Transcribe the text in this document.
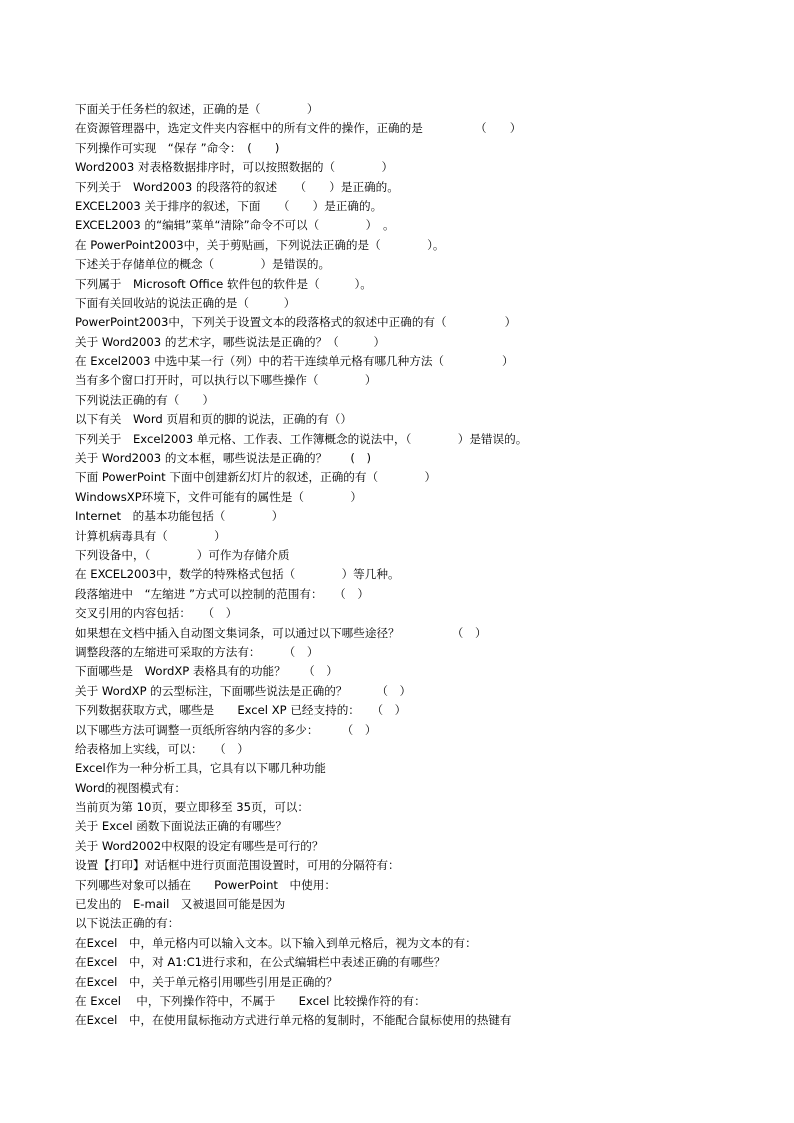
下面关于任务栏的叙述，正确的是（　　　　）
在资源管理器中，选定文件夹内容框中的所有文件的操作，正确的是　　　　　（　　）
下列操作可实现　“保存 ”命令：　(　　)
Word2003 对表格数据排序时，可以按照数据的（　　　　）
下列关于　Word2003 的段落符的叙述　　（　　）是正确的。
EXCEL2003 关于排序的叙述，下面　　（　　）是正确的。
EXCEL2003 的“编辑”菜单“清除”命令不可以（　　　　）　。
在 PowerPoint2003中，关于剪贴画，下列说法正确的是（　　　　）。
下述关于存储单位的概念（　　　　）是错误的。
下列属于　Microsoft Office 软件包的软件是（　　　）。
下面有关回收站的说法正确的是（　　　）
PowerPoint2003中，下列关于设置文本的段落格式的叙述中正确的有（　　　　　）
关于 Word2003 的艺术字，哪些说法是正确的？（　　　）
在 Excel2003 中选中某一行（列）中的若干连续单元格有哪几种方法（　　　　　）
当有多个窗口打开时，可以执行以下哪些操作（　　　　）
下列说法正确的有（　　）
以下有关　Word 页眉和页的脚的说法，正确的有（）
下列关于　Excel2003 单元格、工作表、工作簿概念的说法中，（　　　　）是错误的。
关于 Word2003 的文本框，哪些说法是正确的？　　(　)
下面 PowerPoint 下面中创建新幻灯片的叙述，正确的有（　　　　）
WindowsXP环境下，文件可能有的属性是（　　　　）
Internet　的基本功能包括（　　　　）
计算机病毒具有（　　　　）
下列设备中，（　　　　）可作为存储介质
在 EXCEL2003中，数学的特殊格式包括（　　　　）等几种。
段落缩进中　“左缩进 ”方式可以控制的范围有：　　（　）
交叉引用的内容包括：　　（　）
如果想在文档中插入自动图文集词条，可以通过以下哪些途径？　　　　　（　）
调整段落的左缩进可采取的方法有：　　　（　）
下面哪些是　WordXP 表格具有的功能？　　（　）
关于 WordXP 的云型标注，下面哪些说法是正确的？　　　（　）
下列数据获取方式，哪些是　　Excel XP 已经支持的：　　（　）
以下哪些方法可调整一页纸所容纳内容的多少：　　　（　）
给表格加上实线，可以：　　（　）
Excel作为一种分析工具，它具有以下哪几种功能
Word的视图模式有：
当前页为第 10页，要立即移至 35页，可以：
关于 Excel 函数下面说法正确的有哪些？
关于 Word2002中权限的设定有哪些是可行的？
设置【打印】对话框中进行页面范围设置时，可用的分隔符有：
下列哪些对象可以插在　　PowerPoint　中使用：
已发出的　E-mail　又被退回可能是因为
以下说法正确的有：
在Excel　中，单元格内可以输入文本。以下输入到单元格后，视为文本的有：
在Excel　中，对 A1:C1进行求和，在公式编辑栏中表述正确的有哪些？
在Excel　中，关于单元格引用哪些引用是正确的？
在 Excel　 中，下列操作符中，不属于　　Excel 比较操作符的有：
在Excel　中，在使用鼠标拖动方式进行单元格的复制时，不能配合鼠标使用的热键有
